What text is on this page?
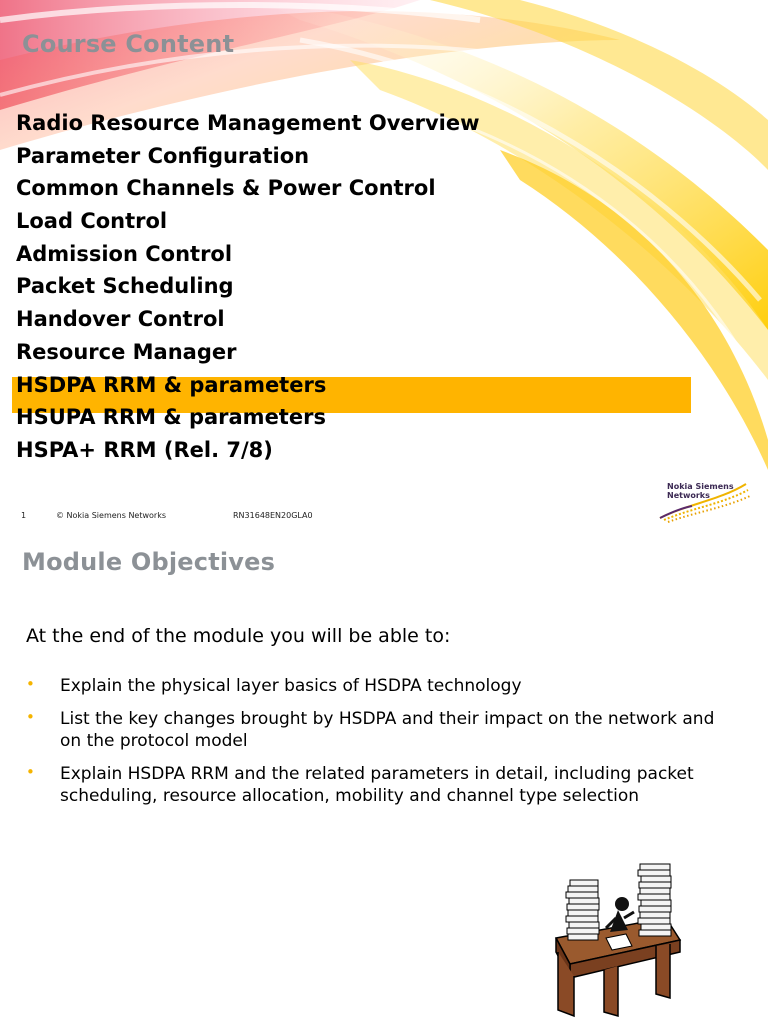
Course Content
Radio Resource Management Overview
Parameter Configuration
Common Channels & Power Control
Load Control
Admission Control
Packet Scheduling
Handover Control
Resource Manager
HSDPA RRM & parameters
HSUPA RRM & parameters
HSPA+ RRM (Rel. 7/8)
1	© Nokia Siemens Networks	RN31648EN20GLA0
Nokia Siemens
Networks
Module Objectives
At the end of the module you will be able to:
• Explain the physical layer basics of HSDPA technology
• List the key changes brought by HSDPA and their impact on the network and on the protocol model
• Explain HSDPA RRM and the related parameters in detail, including packet scheduling, resource allocation, mobility and channel type selection
